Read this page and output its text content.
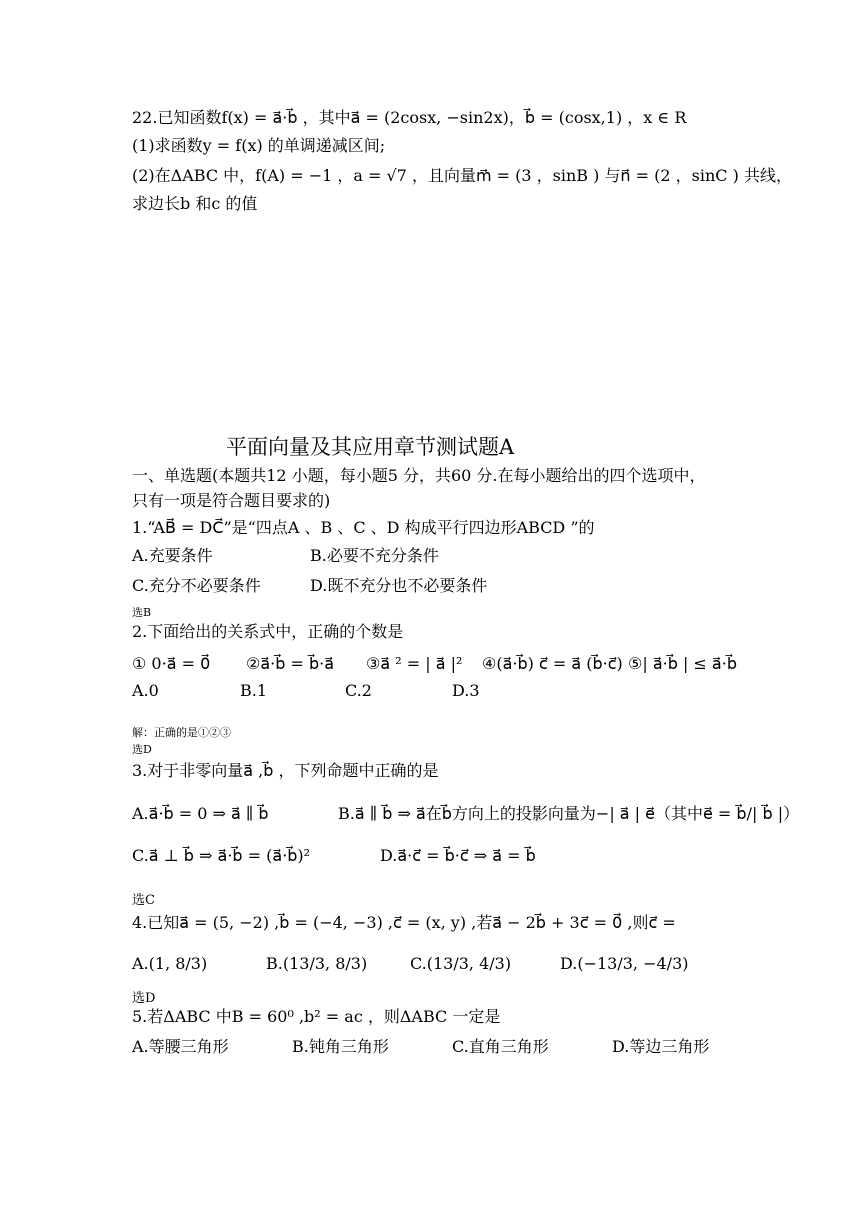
22.已知函数f(x) = a⃗·b⃗ ，其中a⃗ = (2cosx, −sin2x)，b⃗ = (cosx,1) ，x ∈ R
(1)求函数y = f(x) 的单调递减区间;
(2)在ΔABC 中，f(A) = −1 ，a = √7 ，且向量m⃗ = (3 ，sinB ) 与n⃗ = (2 ，sinC ) 共线，
求边长b 和c 的值
平面向量及其应用章节测试题A
一、单选题(本题共12 小题，每小题5 分，共60 分.在每小题给出的四个选项中，
只有一项是符合题目要求的)
1.“AB⃗ = DC⃗”是“四点A 、B 、C 、D 构成平行四边形ABCD ”的
A.充要条件	B.必要不充分条件
C.充分不必要条件	D.既不充分也不必要条件
选B
2.下面给出的关系式中，正确的个数是
① 0·a⃗ = 0⃗ ②a⃗·b⃗ = b⃗·a⃗ ③a⃗ ² = | a⃗ |² ④(a⃗·b⃗) c⃗ = a⃗ (b⃗·c⃗) ⑤| a⃗·b⃗ | ≤ a⃗·b⃗
A.0	B.1	C.2	D.3
解：正确的是①②③
选D
3.对于非零向量a⃗ ,b⃗ ，下列命题中正确的是
A.a⃗·b⃗ = 0 ⇒ a⃗ ∥ b⃗	B.a⃗ ∥ b⃗ ⇒ a⃗在b⃗方向上的投影向量为−| a⃗ | e⃗（其中e⃗ = b⃗/| b⃗ |）
C.a⃗ ⊥ b⃗ ⇒ a⃗·b⃗ = (a⃗·b⃗)²	D.a⃗·c⃗ = b⃗·c⃗ ⇒ a⃗ = b⃗
选C
4.已知a⃗ = (5, −2) ,b⃗ = (−4, −3) ,c⃗ = (x, y) ,若a⃗ − 2b⃗ + 3c⃗ = 0⃗ ,则c⃗ =
A.(1, 8/3)	B.(13/3, 8/3)	C.(13/3, 4/3)	D.(−13/3, −4/3)
选D
5.若ΔABC 中B = 60⁰ ,b² = ac ，则ΔABC 一定是
A.等腰三角形	B.钝角三角形	C.直角三角形	D.等边三角形
